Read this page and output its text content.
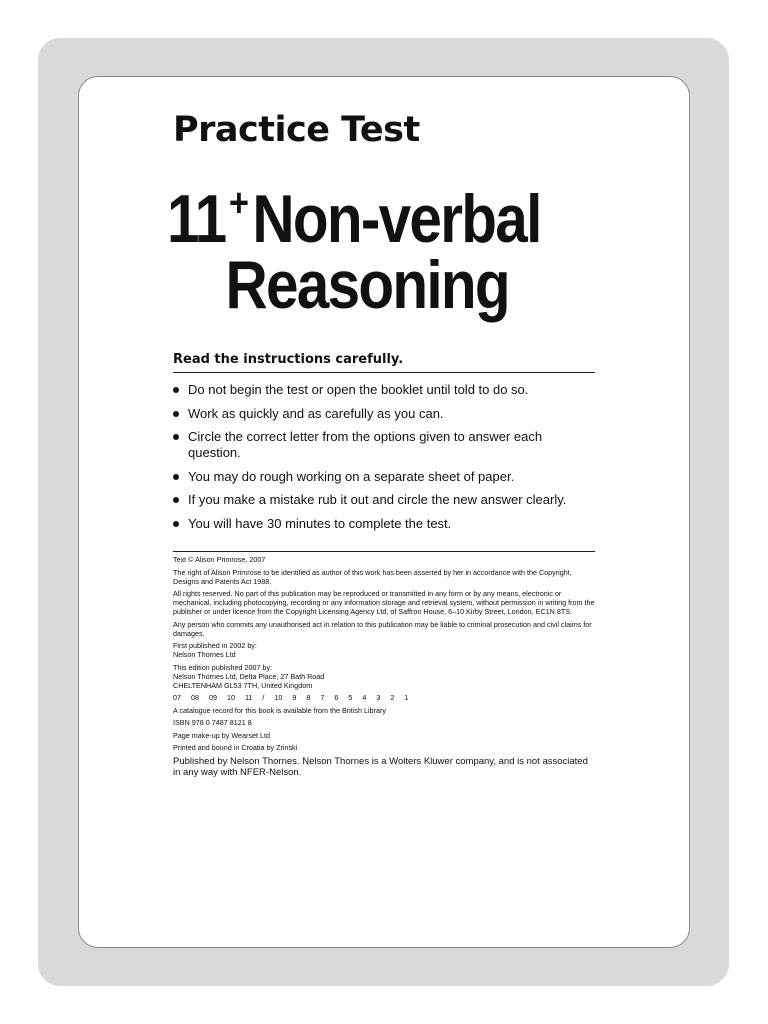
Practice Test
11+Non-verbal
Reasoning
Read the instructions carefully.
Do not begin the test or open the booklet until told to do so.
Work as quickly and as carefully as you can.
Circle the correct letter from the options given to answer each question.
You may do rough working on a separate sheet of paper.
If you make a mistake rub it out and circle the new answer clearly.
You will have 30 minutes to complete the test.

Text © Alison Primrose, 2007

The right of Alison Primrose to be identified as author of this work has been asserted by her in accordance with the Copyright, Designs and Patents Act 1988.

All rights reserved. No part of this publication may be reproduced or transmitted in any form or by any means, electronic or mechanical, including photocopying, recording or any information storage and retrieval system, without permission in writing from the publisher or under licence from the Copyright Licensing Agency Ltd, of Saffron House, 6–10 Kirby Street, London, EC1N 8TS.

Any person who commits any unauthorised act in relation to this publication may be liable to criminal prosecution and civil claims for damages.

First published in 2002 by:
Nelson Thornes Ltd

This edition published 2007 by:
Nelson Thornes Ltd, Delta Place, 27 Bath Road
CHELTENHAM GL53 7TH, United Kingdom

07 08 09 10 11 / 10 9 8 7 6 5 4 3 2 1

A catalogue record for this book is available from the British Library

ISBN 978 0 7487 8121 8

Page make-up by Wearset Ltd

Printed and bound in Croatia by Zrinski

Published by Nelson Thornes. Nelson Thornes is a Wolters Kluwer company, and is not associated in any way with NFER-Nelson.
